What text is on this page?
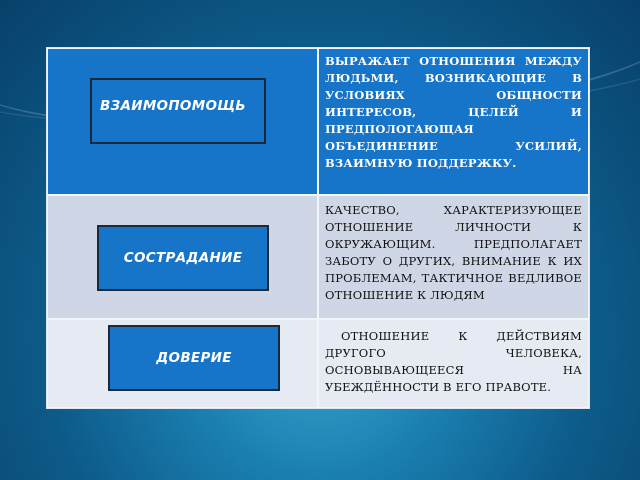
ВЫРАЖАЕТ ОТНОШЕНИЯ МЕЖДУ ЛЮДЬМИ, ВОЗНИКАЮЩИЕ В УСЛОВИЯХ ОБЩНОСТИ ИНТЕРЕСОВ, ЦЕЛЕЙ И ПРЕДПОЛОГАЮЩАЯ ОБЪЕДИНЕНИЕ УСИЛИЙ, ВЗАИМНУЮ ПОДДЕРЖКУ.
КАЧЕСТВО, ХАРАКТЕРИЗУЮЩЕЕ ОТНОШЕНИЕ ЛИЧНОСТИ К ОКРУЖАЮЩИМ. ПРЕДПОЛАГАЕТ ЗАБОТУ О ДРУГИХ, ВНИМАНИЕ К ИХ ПРОБЛЕМАМ, ТАКТИЧНОЕ ВЕДЛИВОЕ ОТНОШЕНИЕ К ЛЮДЯМ
ОТНОШЕНИЕ К ДЕЙСТВИЯМ ДРУГОГО ЧЕЛОВЕКА, ОСНОВЫВАЮЩЕЕСЯ НА УБЕЖДЁННОСТИ В ЕГО ПРАВОТЕ.
ВЗАИМОПОМОЩЬ
СОСТРАДАНИЕ
ДОВЕРИЕ
